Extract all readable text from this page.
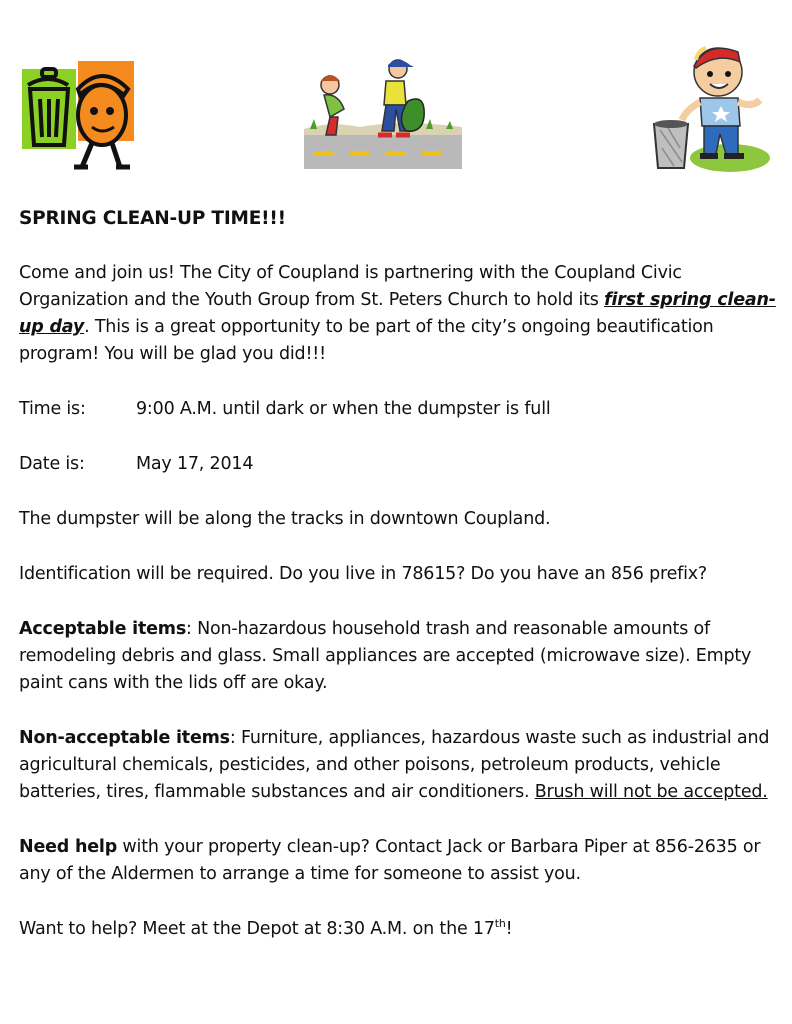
SPRING CLEAN-UP TIME!!!

Come and join us! The City of Coupland is partnering with the Coupland Civic Organization and the Youth Group from St. Peters Church to hold its first spring clean-up day. This is a great opportunity to be part of the city’s ongoing beautification program! You will be glad you did!!!

Time is:	9:00 A.M. until dark or when the dumpster is full
Date is:	May 17, 2014

The dumpster will be along the tracks in downtown Coupland.

Identification will be required. Do you live in 78615? Do you have an 856 prefix?

Acceptable items: Non-hazardous household trash and reasonable amounts of remodeling debris and glass. Small appliances are accepted (microwave size). Empty paint cans with the lids off are okay.

Non-acceptable items: Furniture, appliances, hazardous waste such as industrial and agricultural chemicals, pesticides, and other poisons, petroleum products, vehicle batteries, tires, flammable substances and air conditioners. Brush will not be accepted.

Need help with your property clean-up? Contact Jack or Barbara Piper at 856-2635 or any of the Aldermen to arrange a time for someone to assist you.

Want to help? Meet at the Depot at 8:30 A.M. on the 17th!
